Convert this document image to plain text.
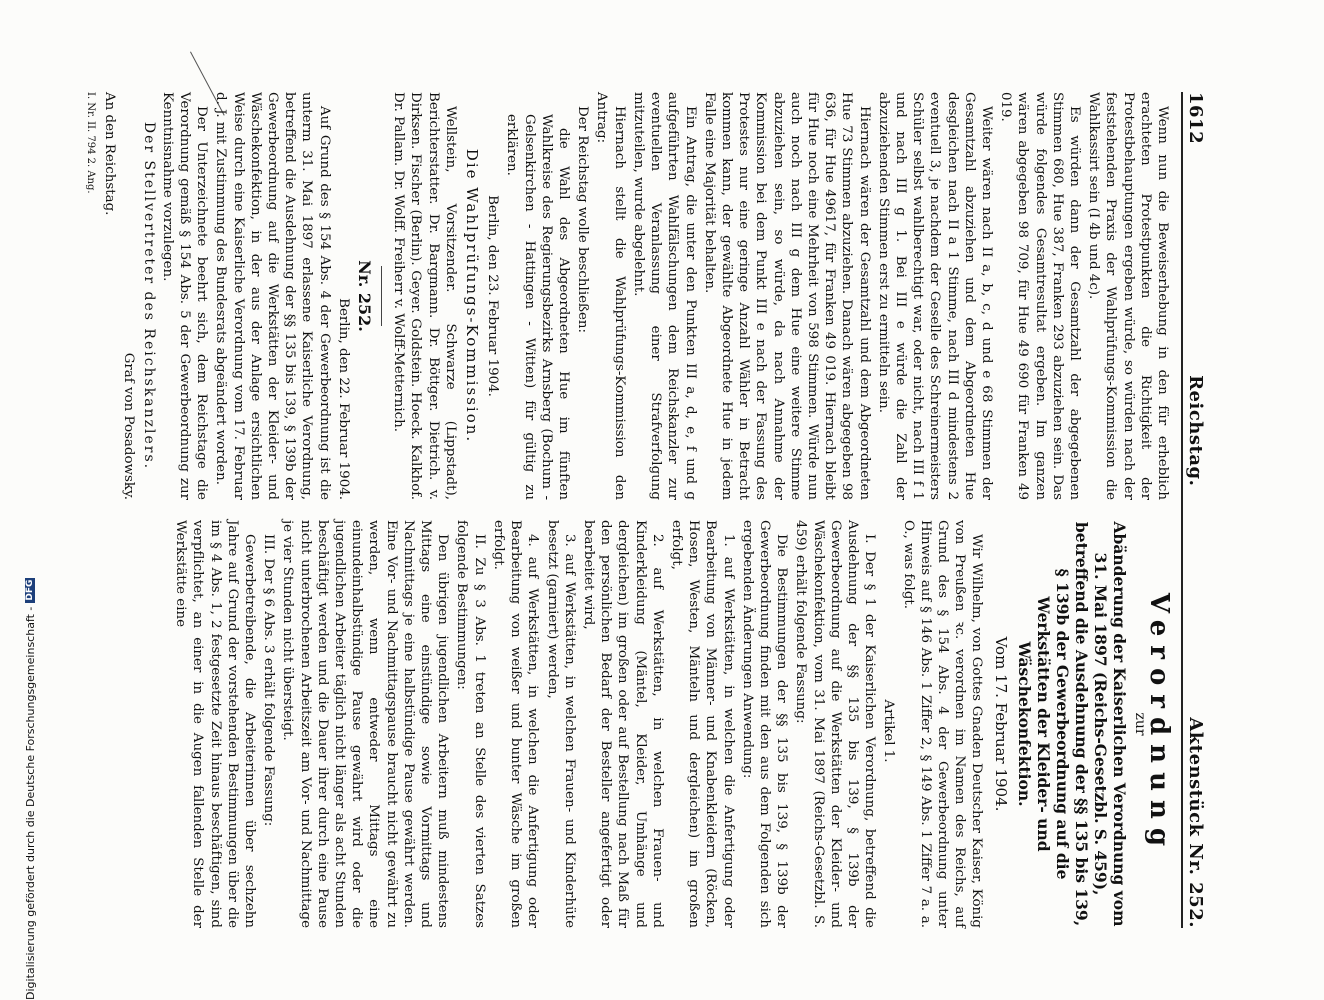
Digitalisierung gefördert durch die Deutsche Forschungsgemeinschaft -
DFG
1612
Reichstag.
Aktenstück Nr. 252.

Wenn nun die Beweiserhebung in den für erheblich erachteten Protestpunkten die Richtigkeit der Protestbehauptungen ergeben würde, so würden nach der feststehenden Praxis der Wahlprüfungs-Kommission die Wahlkassirt sein (I 4b und 4c).

Es würden dann der Gesamtzahl der abgegebenen Stimmen 680, Hue 387, Franken 293 abzuziehen sein. Das würde folgendes Gesamtresultat ergeben. Im ganzen wären abgegeben 98 709, für Hue 49 690 für Franken 49 019.

Weiter wären nach II a, b, c, d und e 68 Stimmen der Gesamtzahl abzuziehen und dem Abgeordneten Hue desgleichen nach II a 1 Stimme, nach III d mindestens 2 eventuell 3, je nachdem der Geselle des Schreinermeisters Schüler selbst wahlberechtigt war, oder nicht, nach III f 1 und nach III g 1. Bei III e würde die Zahl der abzuziehenden Stimmen erst zu ermitteln sein.

Hiernach wären der Gesamtzahl und dem Abgeordneten Hue 73 Stimmen abzuziehen. Danach wären abgegeben 98 636, für Hue 49617, für Franken 49 019. Hiernach bleibt für Hue noch eine Mehrheit von 598 Stimmen. Würde nun auch noch nach III g dem Hue eine weitere Stimme abzuziehen sein, so würde, da nach Annahme der Kommission bei dem Punkt III e nach der Fassung des Protestes nur eine geringe Anzahl Wähler in Betracht kommen kann, der gewählte Abgeordnete Hue in jedem Falle eine Majorität behalten.

Ein Antrag, die unter den Punkten III a, d, e, f und g aufgeführten Wahlfälschungen dem Reichskanzler zur eventuellen Veranlassung einer Strafverfolgung mitzuteilen, wurde abgelehnt.

Hiernach stellt die Wahlprüfungs-Kommission den Antrag:

Der Reichstag wolle beschließen:

die Wahl des Abgeordneten Hue im fünften Wahlkreise des Regierungsbezirks Arnsberg (Bochum - Gelsenkirchen - Hattingen - Witten) für gültig zu erklären.

Berlin, den 23. Februar 1904.

Die Wahlprüfungs-Kommission.

Wellstein, Vorsitzender. Schwarze (Lippstadt), Berichterstatter. Dr. Bargmann. Dr. Böttger. Dietrich. v. Dirksen. Fischer (Berlin). Geyer. Goldstein. Hoeck. Kalkhof. Dr. Pallam. Dr. Wolff. Freiherr v. Wolff-Metternich.

Nr. 252.

Berlin, den 22. Februar 1904.

Auf Grund des § 154 Abs. 4 der Gewerbeordnung ist die unterm 31. Mai 1897 erlassene Kaiserliche Verordnung, betreffend die Ausdehnung der §§ 135 bis 139, § 139b der Gewerbeordnung auf die Werkstätten der Kleider- und Wäschekonfektion, in der aus der Anlage ersichtlichen Weise durch eine Kaiserliche Verordnung vom 17. Februar d. J. mit Zustimmung des Bundesrats abgeändert worden.

Der Unterzeichnete beehrt sich, dem Reichstage die Verordnung gemäß § 154 Abs. 5 der Gewerbeordnung zur Kenntnisnahme vorzulegen.

Der Stellvertreter des Reichskanzlers.

Graf von Posadowsky.

An den Reichstag.

I. Nr. II. 794 2. Ang.

Verordnung
zur
Abänderung der Kaiserlichen Verordnung vom 31. Mai 1897 (Reichs-Gesetzbl. S. 459), betreffend die Ausdehnung der §§ 135 bis 139, § 139b der Gewerbeordnung auf die Werkstätten der Kleider- und Wäschekonfektion.
Vom 17. Februar 1904.

Wir Wilhelm, von Gottes Gnaden Deutscher Kaiser, König von Preußen ꝛc. verordnen im Namen des Reichs, auf Grund des § 154 Abs. 4 der Gewerbeordnung unter Hinweis auf § 146 Abs. 1 Ziffer 2, § 149 Abs. 1 Ziffer 7 a. a. O., was folgt.

Artikel 1.

I. Der § 1 der Kaiserlichen Verordnung, betreffend die Ausdehnung der §§ 135 bis 139, § 139b der Gewerbeordnung auf die Werkstätten der Kleider- und Wäschekonfektion, vom 31. Mai 1897 (Reichs-Gesetzbl. S. 459) erhält folgende Fassung:

Die Bestimmungen der §§ 135 bis 139, § 139b der Gewerbeordnung finden mit den aus dem Folgenden sich ergebenden Änderungen Anwendung:

1. auf Werkstätten, in welchen die Anfertigung oder Bearbeitung von Männer- und Knabenkleidern (Röcken, Hosen, Westen, Mänteln und dergleichen) im großen erfolgt,

2. auf Werkstätten, in welchen Frauen- und Kinderkleidung (Mäntel, Kleider, Umhänge und dergleichen) im großen oder auf Bestellung nach Maß für den persönlichen Bedarf der Besteller angefertigt oder bearbeitet wird,

3. auf Werkstätten, in welchen Frauen- und Kinderhüte besetzt (garniert) werden,

4. auf Werkstätten, in welchen die Anfertigung oder Bearbeitung von weißer und bunter Wäsche im großen erfolgt.

II. Zu § 3 Abs. 1 treten an Stelle des vierten Satzes folgende Bestimmungen:

Den übrigen jugendlichen Arbeitern muß mindestens Mittags eine einstündige sowie Vormittags und Nachmittags je eine halbstündige Pause gewährt werden. Eine Vor- und Nachmittagspause braucht nicht gewährt zu werden, wenn entweder Mittags eine einundeinhalbstündige Pause gewährt wird oder die jugendlichen Arbeiter täglich nicht länger als acht Stunden beschäftigt werden und die Dauer ihrer durch eine Pause nicht unterbrochenen Arbeitszeit am Vor- und Nachmittage je vier Stunden nicht übersteigt.

III. Der § 6 Abs. 3 erhält folgende Fassung:

Gewerbetreibende, die Arbeiterinnen über sechzehn Jahre auf Grund der vorstehenden Bestimmungen über die im § 4 Abs. 1, 2 festgesetzte Zeit hinaus beschäftigen, sind verpflichtet, an einer in die Augen fallenden Stelle der Werkstätte eine
